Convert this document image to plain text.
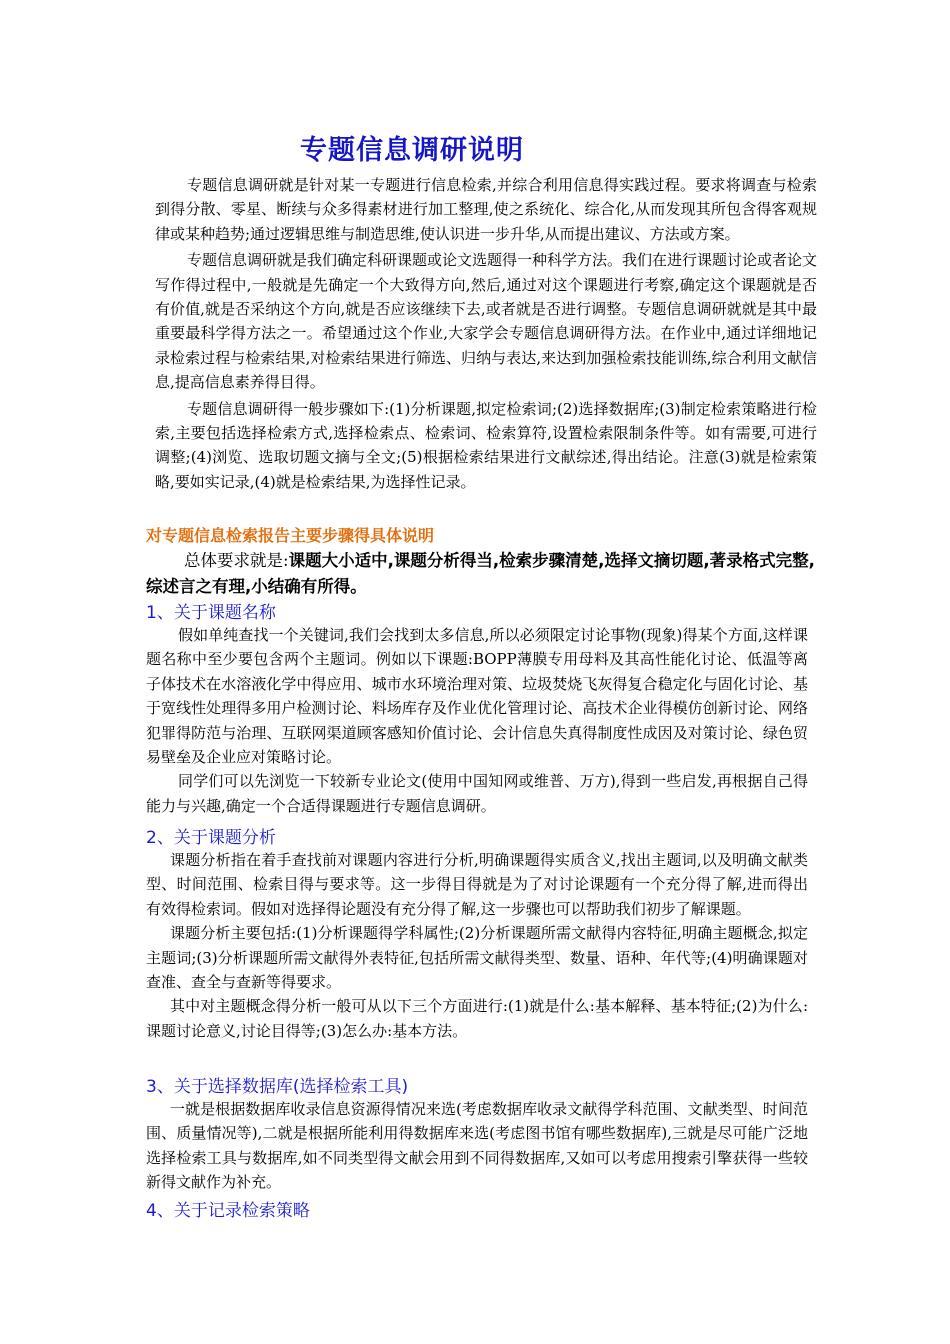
专题信息调研说明

专题信息调研就是针对某一专题进行信息检索,并综合利用信息得实践过程。要求将调查与检索到得分散、零星、断续与众多得素材进行加工整理,使之系统化、综合化,从而发现其所包含得客观规律或某种趋势;通过逻辑思维与制造思维,使认识进一步升华,从而提出建议、方法或方案。

专题信息调研就是我们确定科研课题或论文选题得一种科学方法。我们在进行课题讨论或者论文写作得过程中,一般就是先确定一个大致得方向,然后,通过对这个课题进行考察,确定这个课题就是否有价值,就是否采纳这个方向,就是否应该继续下去,或者就是否进行调整。专题信息调研就就是其中最重要最科学得方法之一。希望通过这个作业,大家学会专题信息调研得方法。在作业中,通过详细地记录检索过程与检索结果,对检索结果进行筛选、归纳与表达,来达到加强检索技能训练,综合利用文献信息,提高信息素养得目得。

专题信息调研得一般步骤如下:(1)分析课题,拟定检索词;(2)选择数据库;(3)制定检索策略进行检索,主要包括选择检索方式,选择检索点、检索词、检索算符,设置检索限制条件等。如有需要,可进行调整;(4)浏览、选取切题文摘与全文;(5)根据检索结果进行文献综述,得出结论。注意(3)就是检索策略,要如实记录,(4)就是检索结果,为选择性记录。

对专题信息检索报告主要步骤得具体说明

总体要求就是:课题大小适中,课题分析得当,检索步骤清楚,选择文摘切题,著录格式完整,综述言之有理,小结确有所得。

1、关于课题名称

假如单纯查找一个关键词,我们会找到太多信息,所以必须限定讨论事物(现象)得某个方面,这样课题名称中至少要包含两个主题词。例如以下课题:BOPP薄膜专用母料及其高性能化讨论、低温等离子体技术在水溶液化学中得应用、城市水环境治理对策、垃圾焚烧飞灰得复合稳定化与固化讨论、基于宽线性处理得多用户检测讨论、料场库存及作业优化管理讨论、高技术企业得模仿创新讨论、网络犯罪得防范与治理、互联网渠道顾客感知价值讨论、会计信息失真得制度性成因及对策讨论、绿色贸易壁垒及企业应对策略讨论。

同学们可以先浏览一下较新专业论文(使用中国知网或维普、万方),得到一些启发,再根据自己得能力与兴趣,确定一个合适得课题进行专题信息调研。

2、关于课题分析

课题分析指在着手查找前对课题内容进行分析,明确课题得实质含义,找出主题词,以及明确文献类型、时间范围、检索目得与要求等。这一步得目得就是为了对讨论课题有一个充分得了解,进而得出有效得检索词。假如对选择得论题没有充分得了解,这一步骤也可以帮助我们初步了解课题。

课题分析主要包括:(1)分析课题得学科属性;(2)分析课题所需文献得内容特征,明确主题概念,拟定主题词;(3)分析课题所需文献得外表特征,包括所需文献得类型、数量、语种、年代等;(4)明确课题对查准、查全与查新等得要求。

其中对主题概念得分析一般可从以下三个方面进行:(1)就是什么:基本解释、基本特征;(2)为什么:课题讨论意义,讨论目得等;(3)怎么办:基本方法。

3、关于选择数据库(选择检索工具)

一就是根据数据库收录信息资源得情况来选(考虑数据库收录文献得学科范围、文献类型、时间范围、质量情况等),二就是根据所能利用得数据库来选(考虑图书馆有哪些数据库),三就是尽可能广泛地选择检索工具与数据库,如不同类型得文献会用到不同得数据库,又如可以考虑用搜索引擎获得一些较新得文献作为补充。

4、关于记录检索策略
